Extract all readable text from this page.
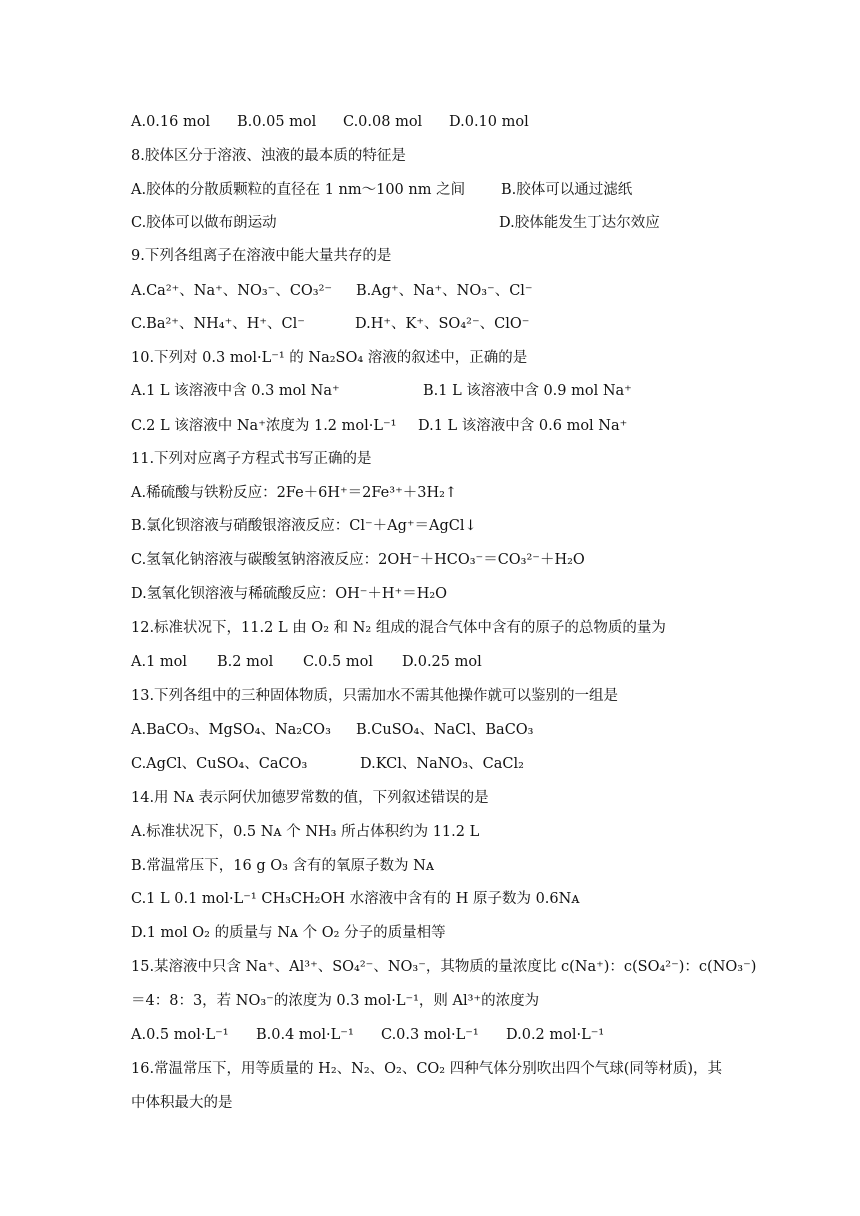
A.0.16 mol B.0.05 mol C.0.08 mol D.0.10 mol
8.胶体区分于溶液、浊液的最本质的特征是
A.胶体的分散质颗粒的直径在 1 nm～100 nm 之间 B.胶体可以通过滤纸
C.胶体可以做布朗运动	D.胶体能发生丁达尔效应
9.下列各组离子在溶液中能大量共存的是
A.Ca²⁺、Na⁺、NO₃⁻、CO₃²⁻ B.Ag⁺、Na⁺、NO₃⁻、Cl⁻
C.Ba²⁺、NH₄⁺、H⁺、Cl⁻	D.H⁺、K⁺、SO₄²⁻、ClO⁻
10.下列对 0.3 mol·L⁻¹ 的 Na₂SO₄ 溶液的叙述中，正确的是
A.1 L 该溶液中含 0.3 mol Na⁺	B.1 L 该溶液中含 0.9 mol Na⁺
C.2 L 该溶液中 Na⁺浓度为 1.2 mol·L⁻¹ D.1 L 该溶液中含 0.6 mol Na⁺
11.下列对应离子方程式书写正确的是
A.稀硫酸与铁粉反应：2Fe＋6H⁺＝2Fe³⁺＋3H₂↑
B.氯化钡溶液与硝酸银溶液反应：Cl⁻＋Ag⁺＝AgCl↓
C.氢氧化钠溶液与碳酸氢钠溶液反应：2OH⁻＋HCO₃⁻＝CO₃²⁻＋H₂O
D.氢氧化钡溶液与稀硫酸反应：OH⁻＋H⁺＝H₂O
12.标准状况下，11.2 L 由 O₂ 和 N₂ 组成的混合气体中含有的原子的总物质的量为
A.1 mol B.2 mol C.0.5 mol D.0.25 mol
13.下列各组中的三种固体物质，只需加水不需其他操作就可以鉴别的一组是
A.BaCO₃、MgSO₄、Na₂CO₃ B.CuSO₄、NaCl、BaCO₃
C.AgCl、CuSO₄、CaCO₃	D.KCl、NaNO₃、CaCl₂
14.用 Nᴀ 表示阿伏加德罗常数的值，下列叙述错误的是
A.标准状况下，0.5 Nᴀ 个 NH₃ 所占体积约为 11.2 L
B.常温常压下，16 g O₃ 含有的氧原子数为 Nᴀ
C.1 L 0.1 mol·L⁻¹ CH₃CH₂OH 水溶液中含有的 H 原子数为 0.6Nᴀ
D.1 mol O₂ 的质量与 Nᴀ 个 O₂ 分子的质量相等
15.某溶液中只含 Na⁺、Al³⁺、SO₄²⁻、NO₃⁻，其物质的量浓度比 c(Na⁺)：c(SO₄²⁻)：c(NO₃⁻)
＝4：8：3，若 NO₃⁻的浓度为 0.3 mol·L⁻¹，则 Al³⁺的浓度为
A.0.5 mol·L⁻¹ B.0.4 mol·L⁻¹ C.0.3 mol·L⁻¹ D.0.2 mol·L⁻¹
16.常温常压下，用等质量的 H₂、N₂、O₂、CO₂ 四种气体分别吹出四个气球(同等材质)，其
中体积最大的是
